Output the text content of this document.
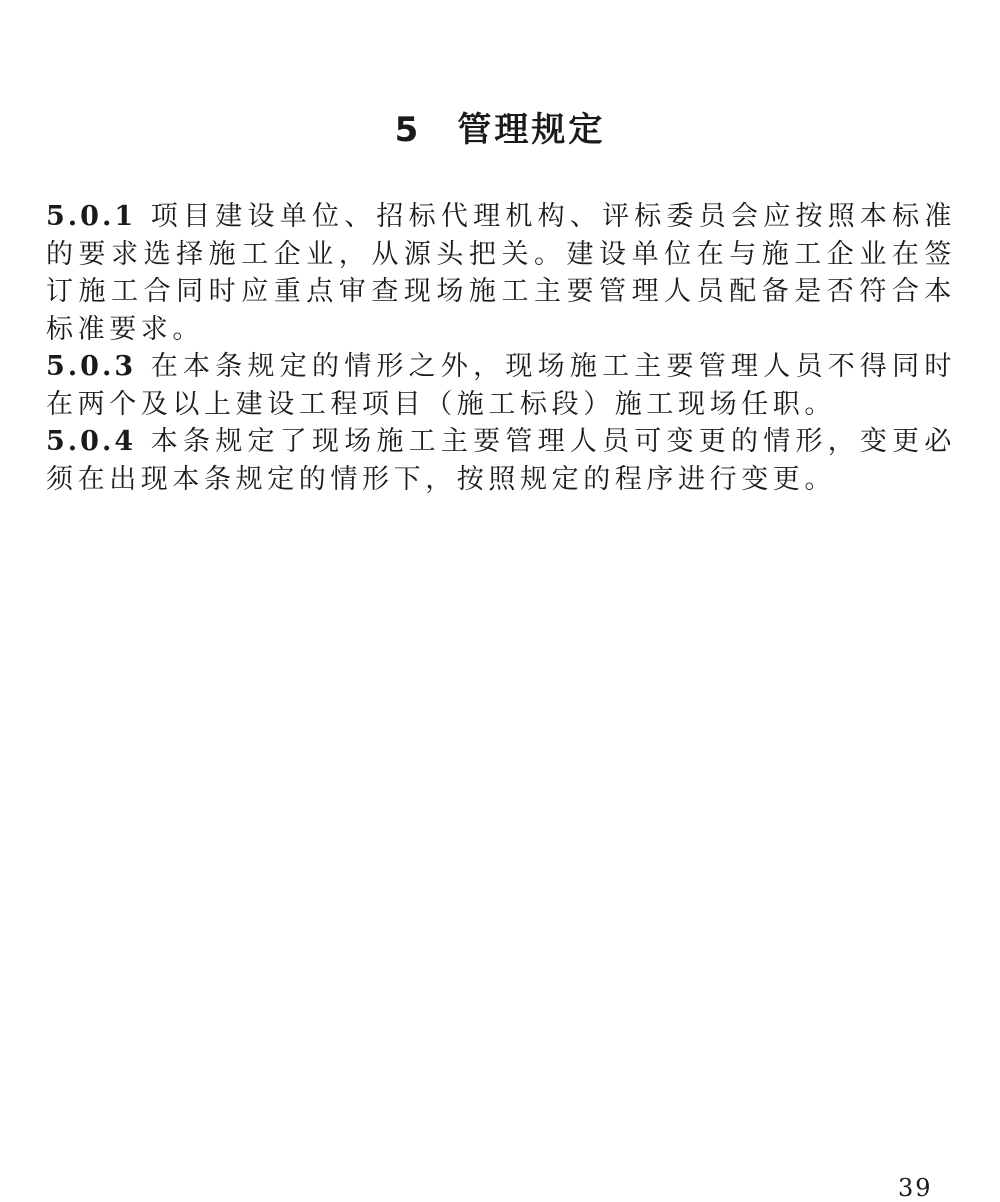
5 管理规定

5.0.1 项目建设单位、招标代理机构、评标委员会应按照本标准的要求选择施工企业，从源头把关。建设单位在与施工企业在签订施工合同时应重点审查现场施工主要管理人员配备是否符合本标准要求。

5.0.3 在本条规定的情形之外，现场施工主要管理人员不得同时在两个及以上建设工程项目（施工标段）施工现场任职。

5.0.4 本条规定了现场施工主要管理人员可变更的情形，变更必须在出现本条规定的情形下，按照规定的程序进行变更。

39
